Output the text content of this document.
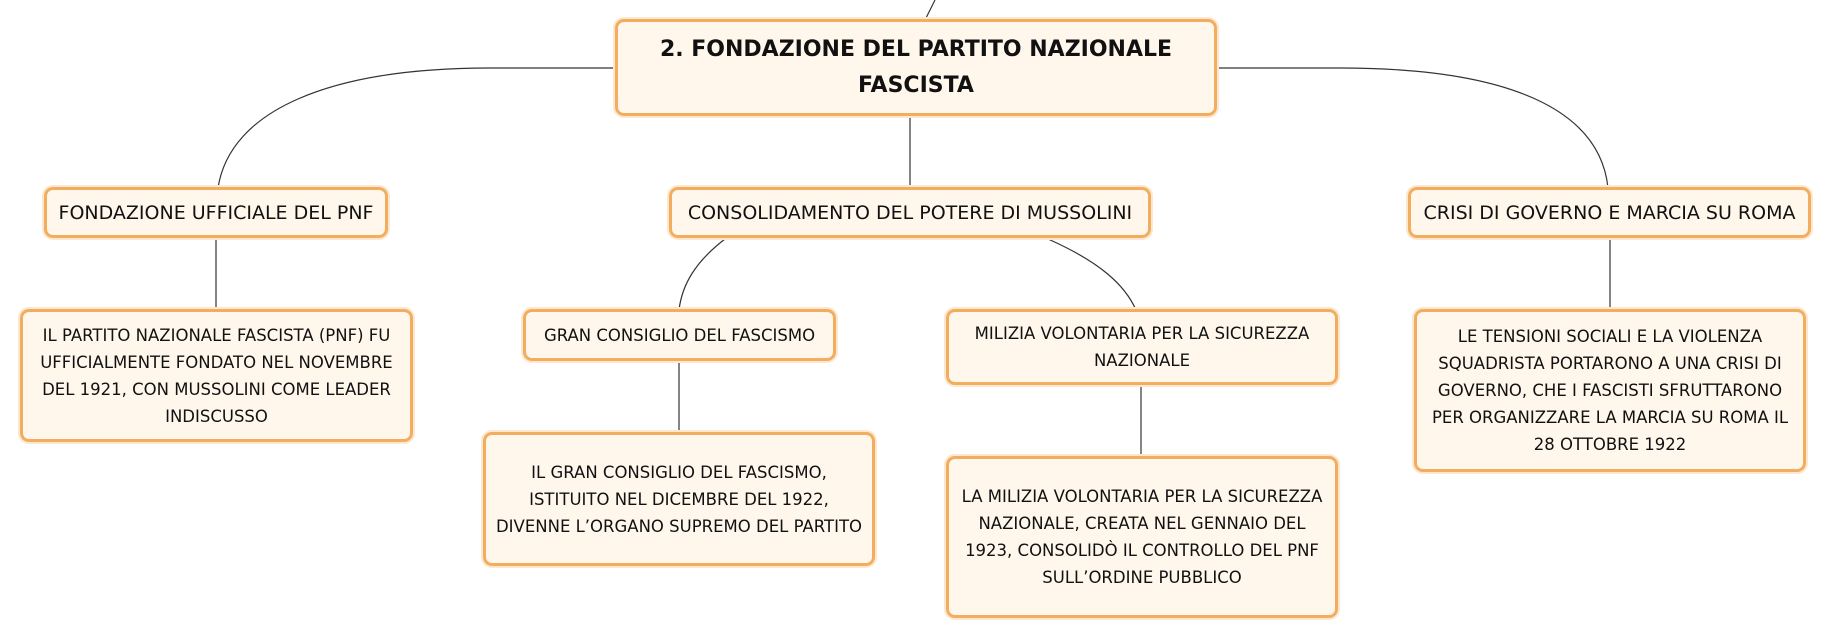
2. FONDAZIONE DEL PARTITO NAZIONALE FASCISTA
FONDAZIONE UFFICIALE DEL PNF	CONSOLIDAMENTO DEL POTERE DI MUSSOLINI	CRISI DI GOVERNO E MARCIA SU ROMA
IL PARTITO NAZIONALE FASCISTA (PNF) FU UFFICIALMENTE FONDATO NEL NOVEMBRE DEL 1921, CON MUSSOLINI COME LEADER INDISCUSSO
GRAN CONSIGLIO DEL FASCISMO	MILIZIA VOLONTARIA PER LA SICUREZZA NAZIONALE
LE TENSIONI SOCIALI E LA VIOLENZA SQUADRISTA PORTARONO A UNA CRISI DI GOVERNO, CHE I FASCISTI SFRUTTARONO PER ORGANIZZARE LA MARCIA SU ROMA IL 28 OTTOBRE 1922
IL GRAN CONSIGLIO DEL FASCISMO, ISTITUITO NEL DICEMBRE DEL 1922, DIVENNE L’ORGANO SUPREMO DEL PARTITO
LA MILIZIA VOLONTARIA PER LA SICUREZZA NAZIONALE, CREATA NEL GENNAIO DEL 1923, CONSOLIDÒ IL CONTROLLO DEL PNF SULL’ORDINE PUBBLICO
